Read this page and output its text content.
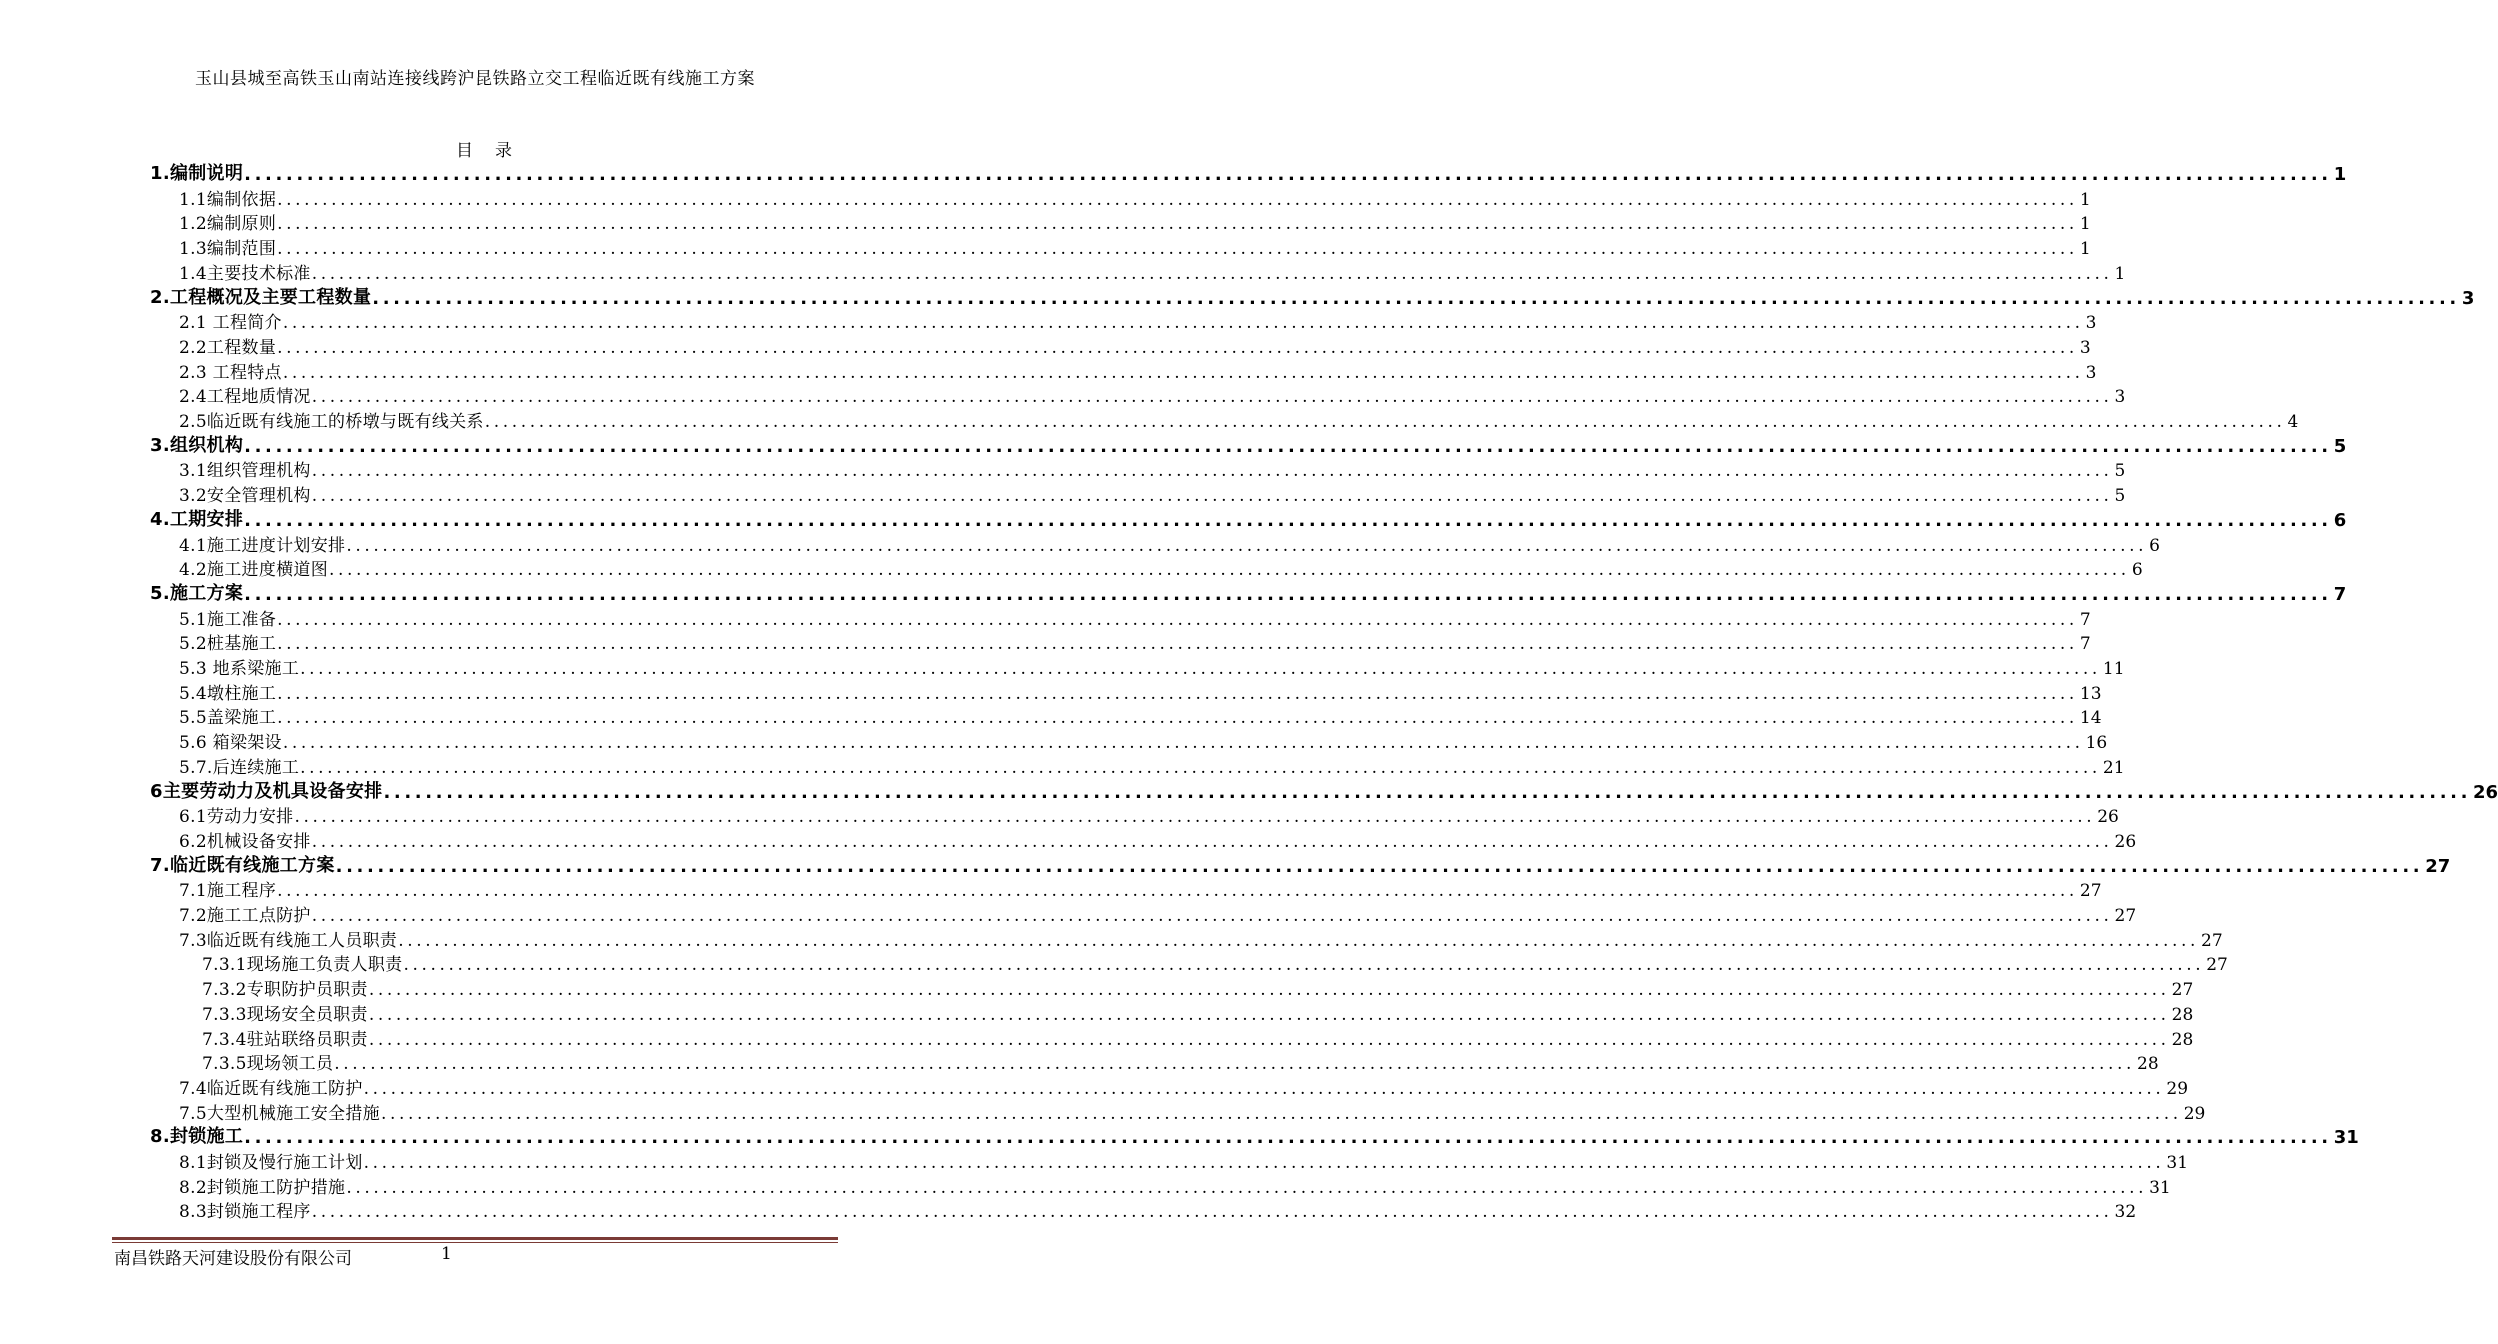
玉山县城至高铁玉山南站连接线跨沪昆铁路立交工程临近既有线施工方案
目录
1.编制说明 ........................................................................................................................................................................................................ 1
1.1编制依据 ........................................................................................................................................................................................................ 1
1.2编制原则 ........................................................................................................................................................................................................ 1
1.3编制范围 ........................................................................................................................................................................................................ 1
1.4主要技术标准 ........................................................................................................................................................................................................ 1
2.工程概况及主要工程数量 ........................................................................................................................................................................................................ 3
2.1 工程简介 ........................................................................................................................................................................................................ 3
2.2工程数量 ........................................................................................................................................................................................................ 3
2.3 工程特点 ........................................................................................................................................................................................................ 3
2.4工程地质情况 ........................................................................................................................................................................................................ 3
2.5临近既有线施工的桥墩与既有线关系 ........................................................................................................................................................................................................ 4
3.组织机构 ........................................................................................................................................................................................................ 5
3.1组织管理机构 ........................................................................................................................................................................................................ 5
3.2安全管理机构 ........................................................................................................................................................................................................ 5
4.工期安排 ........................................................................................................................................................................................................ 6
4.1施工进度计划安排 ........................................................................................................................................................................................................ 6
4.2施工进度横道图 ........................................................................................................................................................................................................ 6
5.施工方案 ........................................................................................................................................................................................................ 7
5.1施工准备 ........................................................................................................................................................................................................ 7
5.2桩基施工 ........................................................................................................................................................................................................ 7
5.3 地系梁施工 ........................................................................................................................................................................................................ 11
5.4墩柱施工 ........................................................................................................................................................................................................ 13
5.5盖梁施工 ........................................................................................................................................................................................................ 14
5.6 箱梁架设 ........................................................................................................................................................................................................ 16
5.7.后连续施工 ........................................................................................................................................................................................................ 21
6主要劳动力及机具设备安排 ........................................................................................................................................................................................................ 26
6.1劳动力安排 ........................................................................................................................................................................................................ 26
6.2机械设备安排 ........................................................................................................................................................................................................ 26
7.临近既有线施工方案 ........................................................................................................................................................................................................ 27
7.1施工程序 ........................................................................................................................................................................................................ 27
7.2施工工点防护 ........................................................................................................................................................................................................ 27
7.3临近既有线施工人员职责 ........................................................................................................................................................................................................ 27
7.3.1现场施工负责人职责 ........................................................................................................................................................................................................ 27
7.3.2专职防护员职责 ........................................................................................................................................................................................................ 27
7.3.3现场安全员职责 ........................................................................................................................................................................................................ 28
7.3.4驻站联络员职责 ........................................................................................................................................................................................................ 28
7.3.5现场领工员 ........................................................................................................................................................................................................ 28
7.4临近既有线施工防护 ........................................................................................................................................................................................................ 29
7.5大型机械施工安全措施 ........................................................................................................................................................................................................ 29
8.封锁施工 ........................................................................................................................................................................................................ 31
8.1封锁及慢行施工计划 ........................................................................................................................................................................................................ 31
8.2封锁施工防护措施 ........................................................................................................................................................................................................ 31
8.3封锁施工程序 ........................................................................................................................................................................................................ 32
南昌铁路天河建设股份有限公司	1
